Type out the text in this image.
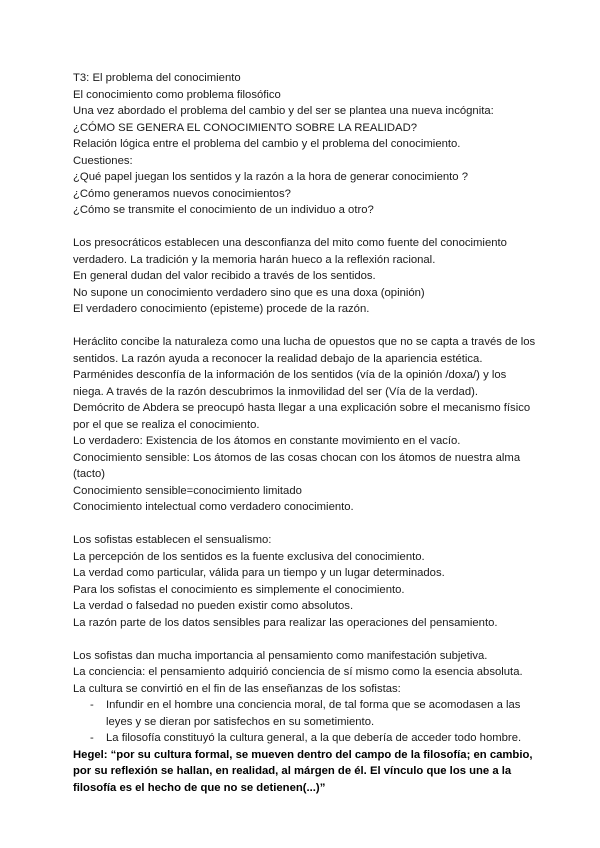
T3: El problema del conocimiento

El conocimiento como problema filosófico

Una vez abordado el problema del cambio y del ser se plantea una nueva incógnita:

¿CÓMO SE GENERA EL CONOCIMIENTO SOBRE LA REALIDAD?

Relación lógica entre el problema del cambio y el problema del conocimiento.

Cuestiones:

¿Qué papel juegan los sentidos y la razón a la hora de generar conocimiento ?

¿Cómo generamos nuevos conocimientos?

¿Cómo se transmite el conocimiento de un individuo a otro?

Los presocráticos establecen una desconfianza del mito como fuente del conocimiento

verdadero. La tradición y la memoria harán hueco a la reflexión racional.

En general dudan del valor recibido a través de los sentidos.

No supone un conocimiento verdadero sino que es una doxa (opinión)

El verdadero conocimiento (episteme) procede de la razón.

Heráclito concibe la naturaleza como una lucha de opuestos que no se capta a través de los

sentidos. La razón ayuda a reconocer la realidad debajo de la apariencia estética.

Parménides desconfía de la información de los sentidos (vía de la opinión /doxa/) y los

niega. A través de la razón descubrimos la inmovilidad del ser (Vía de la verdad).

Demócrito de Abdera se preocupó hasta llegar a una explicación sobre el mecanismo físico

por el que se realiza el conocimiento.

Lo verdadero: Existencia de los átomos en constante movimiento en el vacío.

Conocimiento sensible: Los átomos de las cosas chocan con los átomos de nuestra alma

(tacto)

Conocimiento sensible=conocimiento limitado

Conocimiento intelectual como verdadero conocimiento.

Los sofistas establecen el sensualismo:

La percepción de los sentidos es la fuente exclusiva del conocimiento.

La verdad como particular, válida para un tiempo y un lugar determinados.

Para los sofistas el conocimiento es simplemente el conocimiento.

La verdad o falsedad no pueden existir como absolutos.

La razón parte de los datos sensibles para realizar las operaciones del pensamiento.

Los sofistas dan mucha importancia al pensamiento como manifestación subjetiva.

La conciencia: el pensamiento adquirió conciencia de sí mismo como la esencia absoluta.

La cultura se convirtió en el fin de las enseñanzas de los sofistas:

- Infundir en el hombre una conciencia moral, de tal forma que se acomodasen a las leyes y se dieran por satisfechos en su sometimiento.
- La filosofía constituyó la cultura general, a la que debería de acceder todo hombre.

Hegel: “por su cultura formal, se mueven dentro del campo de la filosofía; en cambio, por su reflexión se hallan, en realidad, al márgen de él. El vínculo que los une a la filosofía es el hecho de que no se detienen(...)”
